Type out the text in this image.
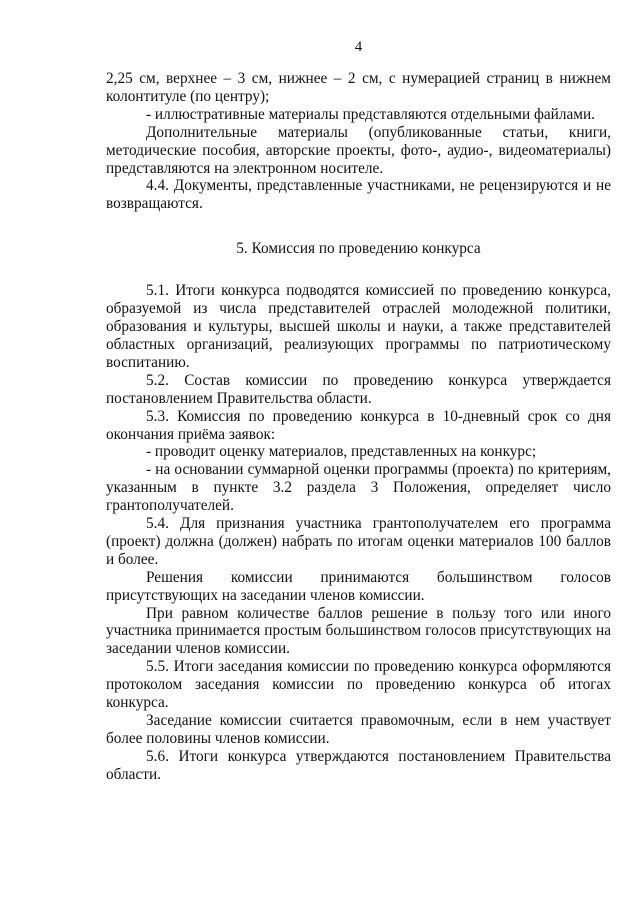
4

2,25 см, верхнее – 3 см, нижнее – 2 см, с нумерацией страниц в нижнем колонтитуле (по центру);

- иллюстративные материалы представляются отдельными файлами.

Дополнительные материалы (опубликованные статьи, книги, методические пособия, авторские проекты, фото-, аудио-, видеоматериалы) представляются на электронном носителе.

4.4. Документы, представленные участниками, не рецензируются и не возвращаются.

5. Комиссия по проведению конкурса

5.1. Итоги конкурса подводятся комиссией по проведению конкурса, образуемой из числа представителей отраслей молодежной политики, образования и культуры, высшей школы и науки, а также представителей областных организаций, реализующих программы по патриотическому воспитанию.

5.2. Состав комиссии по проведению конкурса утверждается постановлением Правительства области.

5.3. Комиссия по проведению конкурса в 10-дневный срок со дня окончания приёма заявок:

- проводит оценку материалов, представленных на конкурс;

- на основании суммарной оценки программы (проекта) по критериям, указанным в пункте 3.2 раздела 3 Положения, определяет число грантополучателей.

5.4. Для признания участника грантополучателем его программа (проект) должна (должен) набрать по итогам оценки материалов 100 баллов и более.

Решения комиссии принимаются большинством голосов присутствующих на заседании членов комиссии.

При равном количестве баллов решение в пользу того или иного участника принимается простым большинством голосов присутствующих на заседании членов комиссии.

5.5. Итоги заседания комиссии по проведению конкурса оформляются протоколом заседания комиссии по проведению конкурса об итогах конкурса.

Заседание комиссии считается правомочным, если в нем участвует более половины членов комиссии.

5.6. Итоги конкурса утверждаются постановлением Правительства области.
